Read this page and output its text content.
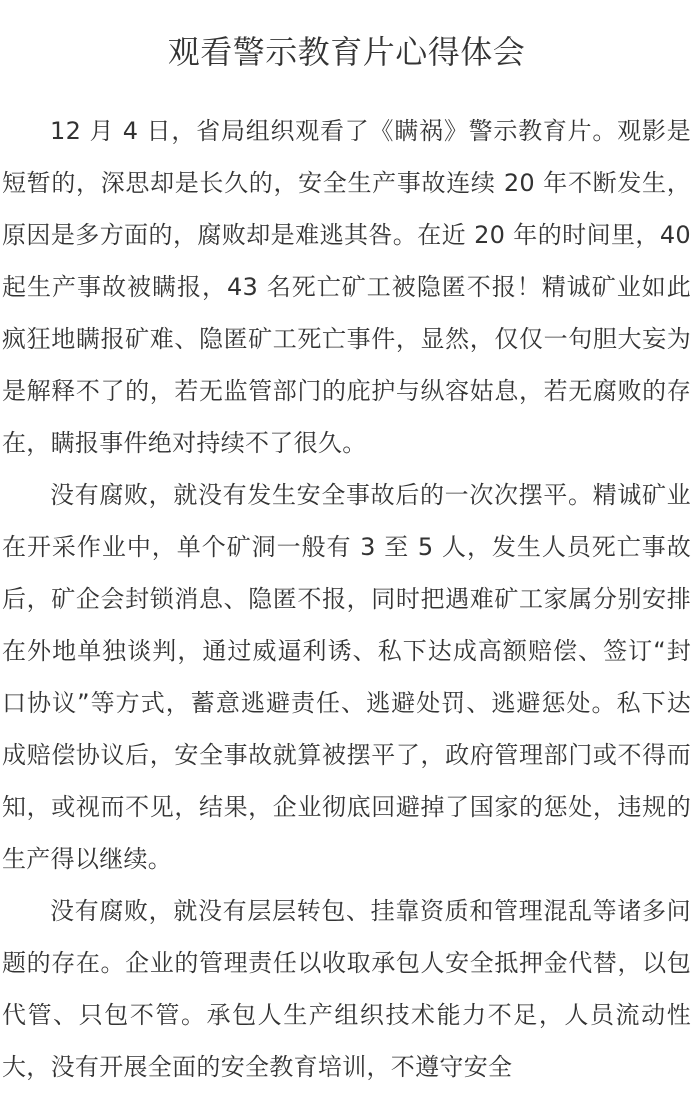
观看警示教育片心得体会

12 月 4 日，省局组织观看了《瞒祸》警示教育片。观影是短暂的，深思却是长久的，安全生产事故连续 20 年不断发生，原因是多方面的，腐败却是难逃其咎。在近 20 年的时间里，40 起生产事故被瞒报，43 名死亡矿工被隐匿不报！精诚矿业如此疯狂地瞒报矿难、隐匿矿工死亡事件，显然，仅仅一句胆大妄为是解释不了的，若无监管部门的庇护与纵容姑息，若无腐败的存在，瞒报事件绝对持续不了很久。

没有腐败，就没有发生安全事故后的一次次摆平。精诚矿业在开采作业中，单个矿洞一般有 3 至 5 人，发生人员死亡事故后，矿企会封锁消息、隐匿不报，同时把遇难矿工家属分别安排在外地单独谈判，通过威逼利诱、私下达成高额赔偿、签订“封口协议”等方式，蓄意逃避责任、逃避处罚、逃避惩处。私下达成赔偿协议后，安全事故就算被摆平了，政府管理部门或不得而知，或视而不见，结果，企业彻底回避掉了国家的惩处，违规的生产得以继续。

没有腐败，就没有层层转包、挂靠资质和管理混乱等诸多问题的存在。企业的管理责任以收取承包人安全抵押金代替，以包代管、只包不管。承包人生产组织技术能力不足，人员流动性大，没有开展全面的安全教育培训，不遵守安全
